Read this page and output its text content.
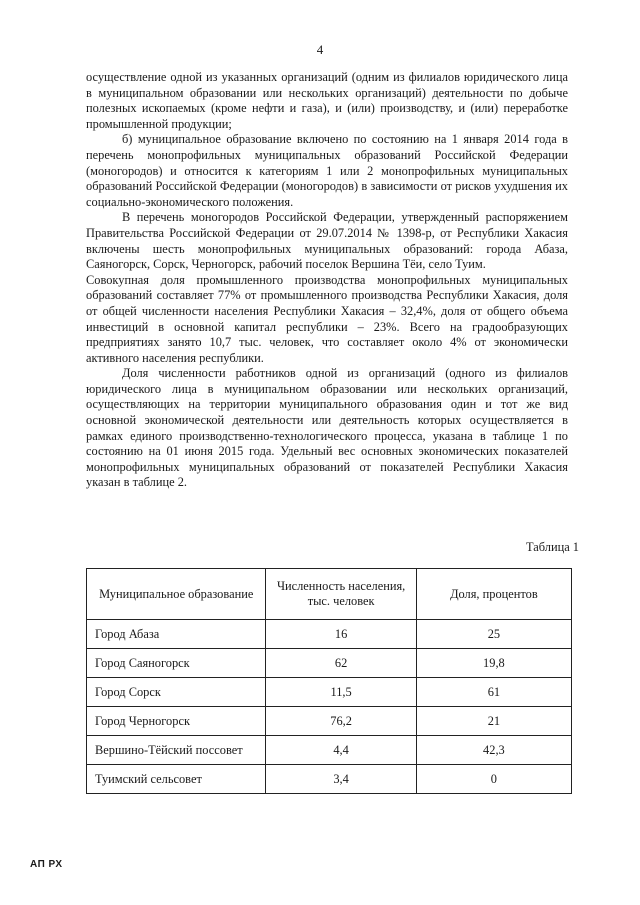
4

осуществление одной из указанных организаций (одним из филиалов юридического лица в муниципальном образовании или нескольких организаций) деятельности по добыче полезных ископаемых (кроме нефти и газа), и (или) производству, и (или) переработке промышленной продукции;

б) муниципальное образование включено по состоянию на 1 января 2014 года в перечень монопрофильных муниципальных образований Российской Федерации (моногородов) и относится к категориям 1 или 2 монопрофильных муниципальных образований Российской Федерации (моногородов) в зависимости от рисков ухудшения их социально-экономического положения.

В перечень моногородов Российской Федерации, утвержденный распоряжением Правительства Российской Федерации от 29.07.2014 № 1398-р, от Республики Хакасия включены шесть монопрофильных муниципальных образований: города Абаза, Саяногорск, Сорск, Черногорск, рабочий поселок Вершина Тёи, село Туим.

Совокупная доля промышленного производства монопрофильных муниципальных образований составляет 77% от промышленного производства Республики Хакасия, доля от общей численности населения Республики Хакасия – 32,4%, доля от общего объема инвестиций в основной капитал республики – 23%. Всего на градообразующих предприятиях занято 10,7 тыс. человек, что составляет около 4% от экономически активного населения республики.

Доля численности работников одной из организаций (одного из филиалов юридического лица в муниципальном образовании или нескольких организаций, осуществляющих на территории муниципального образования один и тот же вид основной экономической деятельности или деятельность которых осуществляется в рамках единого производственно-технологического процесса, указана в таблице 1 по состоянию на 01 июня 2015 года. Удельный вес основных экономических показателей монопрофильных муниципальных образований от показателей Республики Хакасия указан в таблице 2.

Таблица 1
Муниципальное образование	Численность населения, тыс. человек	Доля, процентов
Город Абаза	16	25
Город Саяногорск	62	19,8
Город Сорск	11,5	61
Город Черногорск	76,2	21
Вершино-Тёйский поссовет	4,4	42,3
Туимский сельсовет	3,4	0
АП РХ
